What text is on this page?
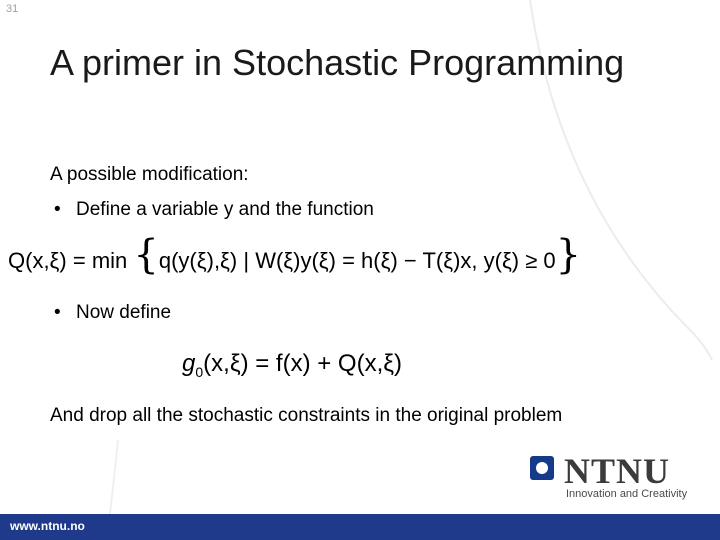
31
A primer in Stochastic Programming
A possible modification:
• Define a variable y and the function
Q(x,ξ) = min {q(y(ξ),ξ) | W(ξ)y(ξ) = h(ξ) − T(ξ)x, y(ξ) ≥ 0}
• Now define
$g_0(x,\xi) = f(x) + Q(x,\xi)$
And drop all the stochastic constraints in the original problem
NTNU
Innovation and Creativity
www.ntnu.no
